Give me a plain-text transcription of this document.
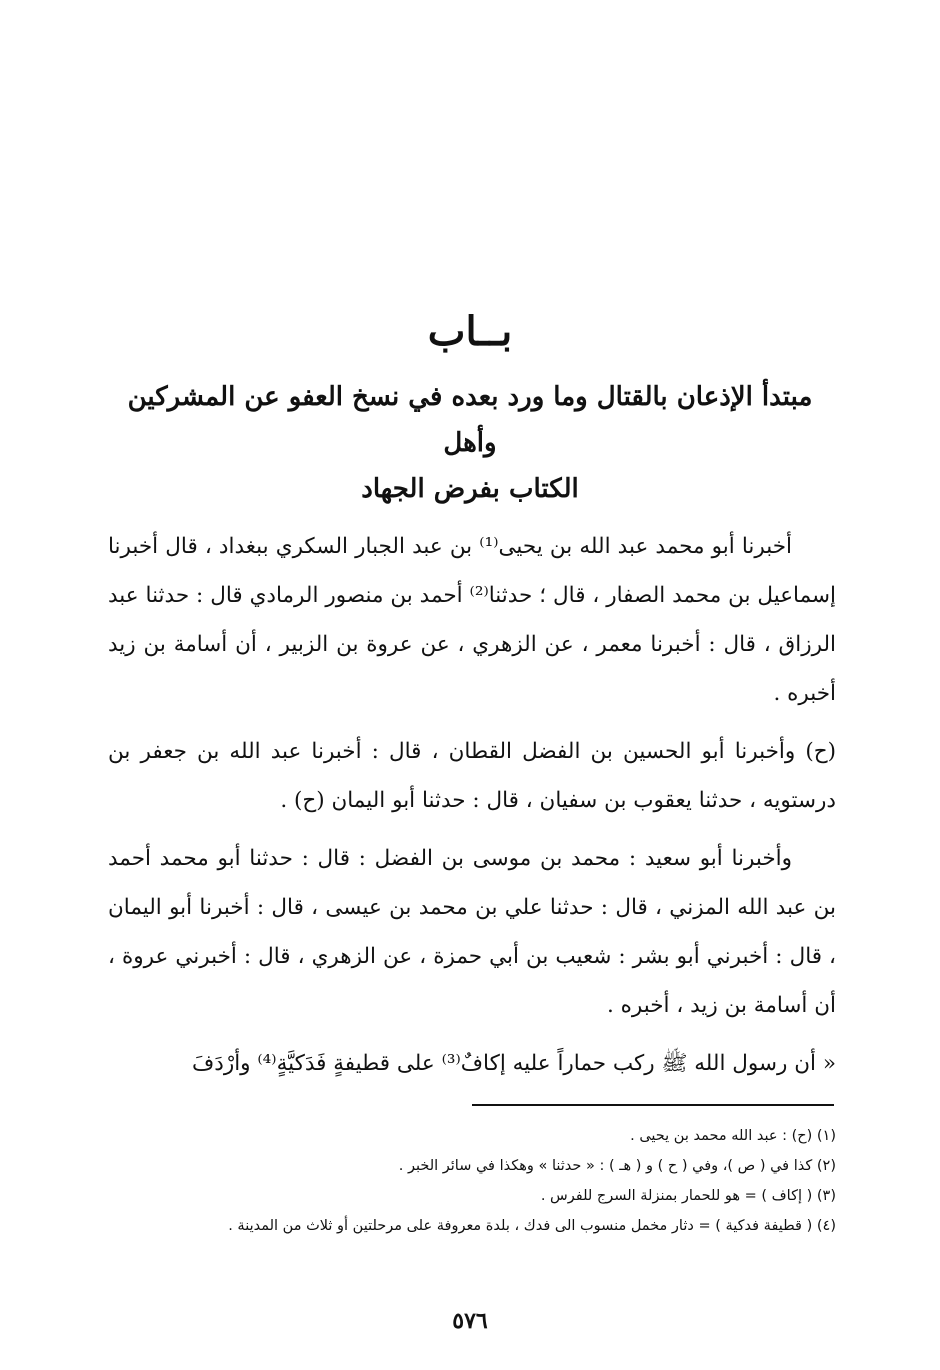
بــاب
مبتدأ الإذعان بالقتال وما ورد بعده في نسخ العفو عن المشركين وأهل
الكتاب بفرض الجهاد

أخبرنا أبو محمد عبد الله بن يحيى⁽¹⁾ بن عبد الجبار السكري ببغداد ، قال أخبرنا إسماعيل بن محمد الصفار ، قال ؛ حدثنا⁽²⁾ أحمد بن منصور الرمادي قال : حدثنا عبد الرزاق ، قال : أخبرنا معمر ، عن الزهري ، عن عروة بن الزبير ، أن أسامة بن زيد أخبره .

(ح) وأخبرنا أبو الحسين بن الفضل القطان ، قال : أخبرنا عبد الله بن جعفر بن درستويه ، حدثنا يعقوب بن سفيان ، قال : حدثنا أبو اليمان (ح) .

وأخبرنا أبو سعيد : محمد بن موسى بن الفضل : قال : حدثنا أبو محمد أحمد بن عبد الله المزني ، قال : حدثنا علي بن محمد بن عيسى ، قال : أخبرنا أبو اليمان ، قال : أخبرني أبو بشر : شعيب بن أبي حمزة ، عن الزهري ، قال : أخبرني عروة ، أن أسامة بن زيد ، أخبره .

« أن رسول الله ﷺ ركب حماراً عليه إكافٌ⁽³⁾ على قطيفةٍ فَدَكيَّةٍ⁽⁴⁾ وأرْدَفَ

(١) (ح) : عبد الله محمد بن يحيى .
(٢) كذا في ( ص )، وفي ( ح ) و ( هـ ) : « حدثنا » وهكذا في سائر الخبر .
(٣) ( إكاف ) = هو للحمار بمنزلة السرج للفرس .
(٤) ( قطيفة فدكية ) = دثار مخمل منسوب الى فدك ، بلدة معروفة على مرحلتين أو ثلاث من المدينة .
٥٧٦
